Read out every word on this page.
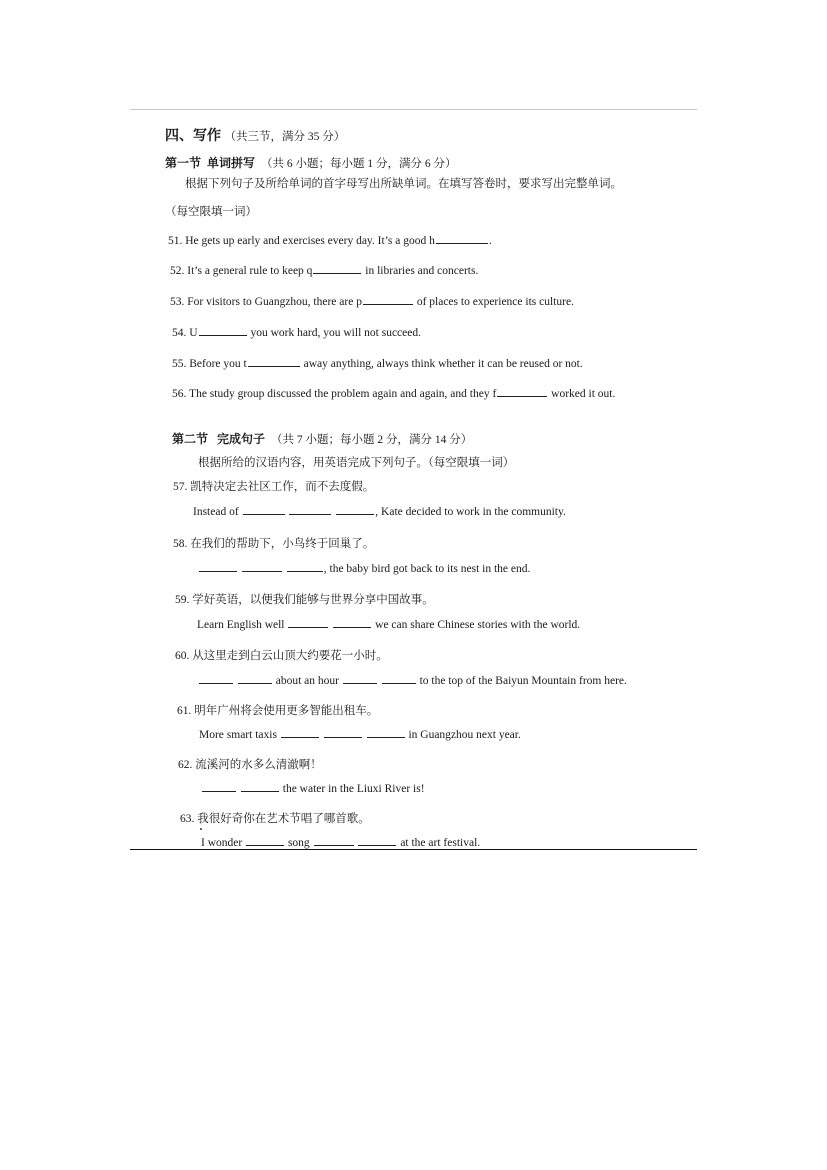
四、写作 （共三节，满分 35 分）
第一节 单词拼写 （共 6 小题；每小题 1 分，满分 6 分）
根据下列句子及所给单词的首字母写出所缺单词。在填写答卷时，要求写出完整单词。
（每空限填一词）
51. He gets up early and exercises every day. It’s a good h	.
52. It’s a general rule to keep q	in libraries and concerts.
53. For visitors to Guangzhou, there are p	of places to experience its culture.
54. U	you work hard, you will not succeed.
55. Before you t	away anything, always think whether it can be reused or not.
56. The study group discussed the problem again and again, and they f	worked it out.
第二节 完成句子 （共 7 小题；每小题 2 分，满分 14 分）
根据所给的汉语内容，用英语完成下列句子。（每空限填一词）
57. 凯特决定去社区工作，而不去度假。
Instead of	, Kate decided to work in the community.
58. 在我们的帮助下，小鸟终于回巢了。
, the baby bird got back to its nest in the end.
59. 学好英语，以便我们能够与世界分享中国故事。
Learn English well	we can share Chinese stories with the world.
60. 从这里走到白云山顶大约要花一小时。
about an hour	to the top of the Baiyun Mountain from here.
61. 明年广州将会使用更多智能出租车。
More smart taxis	in Guangzhou next year.
62. 流溪河的水多么清澈啊！
the water in the Liuxi River is!
63. 我很好奇你在艺术节唱了哪首歌。
I wonder	song	at the art festival.
